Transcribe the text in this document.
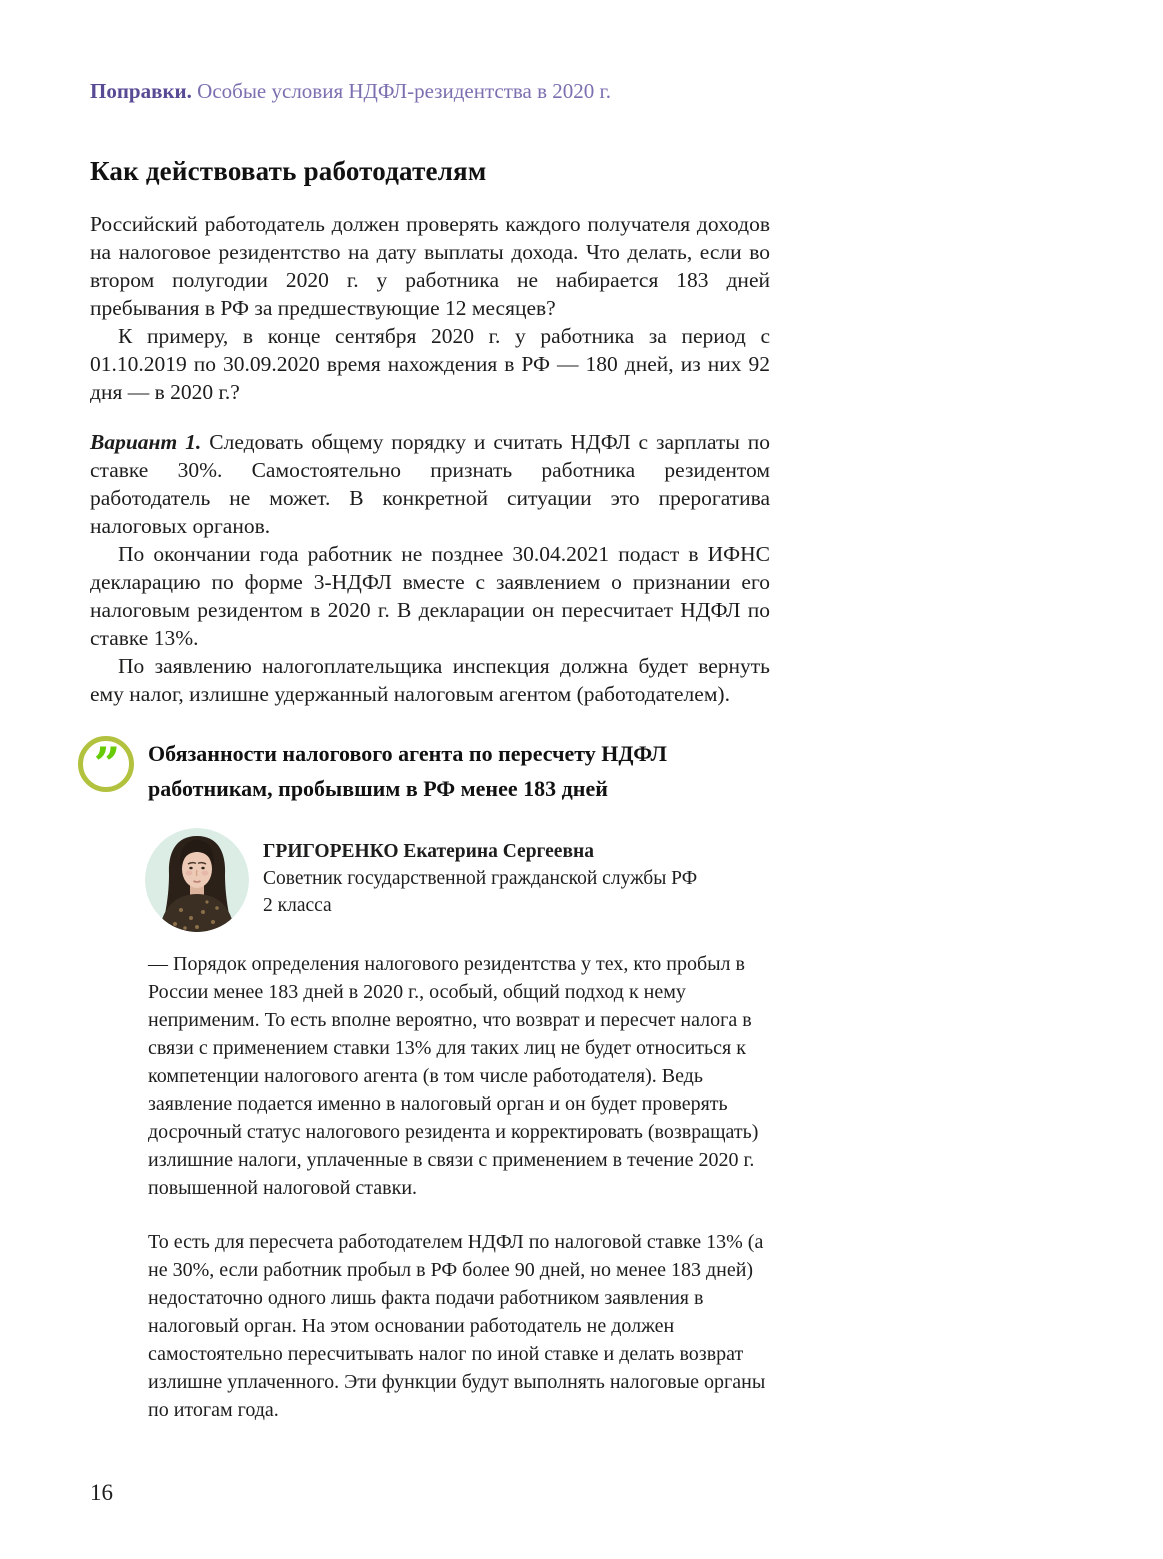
Поправки. Особые условия НДФЛ-резидентства в 2020 г.
Как действовать работодателям

Российский работодатель должен проверять каждого получателя доходов на налоговое резидентство на дату выплаты дохода. Что делать, если во втором полугодии 2020 г. у работника не набирается 183 дней пребывания в РФ за предшествующие 12 месяцев?

К примеру, в конце сентября 2020 г. у работника за период с 01.10.2019 по 30.09.2020 время нахождения в РФ — 180 дней, из них 92 дня — в 2020 г.?

Вариант 1. Следовать общему порядку и считать НДФЛ с зарплаты по ставке 30%. Самостоятельно признать работника резидентом работодатель не может. В конкретной ситуации это прерогатива налоговых органов.

По окончании года работник не позднее 30.04.2021 подаст в ИФНС декларацию по форме 3-НДФЛ вместе с заявлением о признании его налоговым резидентом в 2020 г. В декларации он пересчитает НДФЛ по ставке 13%.

По заявлению налогоплательщика инспекция должна будет вернуть ему налог, излишне удержанный налоговым агентом (работодателем).

” Обязанности налогового агента по пересчету НДФЛ работникам, пробывшим в РФ менее 183 дней
ГРИГОРЕНКО Екатерина Сергеевна
Советник государственной гражданской службы РФ
2 класса

— Порядок определения налогового резидентства у тех, кто пробыл в России менее 183 дней в 2020 г., особый, общий подход к нему неприменим. То есть вполне вероятно, что возврат и пересчет налога в связи с применением ставки 13% для таких лиц не будет относиться к компетенции налогового агента (в том числе работодателя). Ведь заявление подается именно в налоговый орган и он будет проверять досрочный статус налогового резидента и корректировать (возвращать) излишние налоги, уплаченные в связи с применением в течение 2020 г. повышенной налоговой ставки.

То есть для пересчета работодателем НДФЛ по налоговой ставке 13% (а не 30%, если работник пробыл в РФ более 90 дней, но менее 183 дней) недостаточно одного лишь факта подачи работником заявления в налоговый орган. На этом основании работодатель не должен самостоятельно пересчитывать налог по иной ставке и делать возврат излишне уплаченного. Эти функции будут выполнять налоговые органы по итогам года.

16
